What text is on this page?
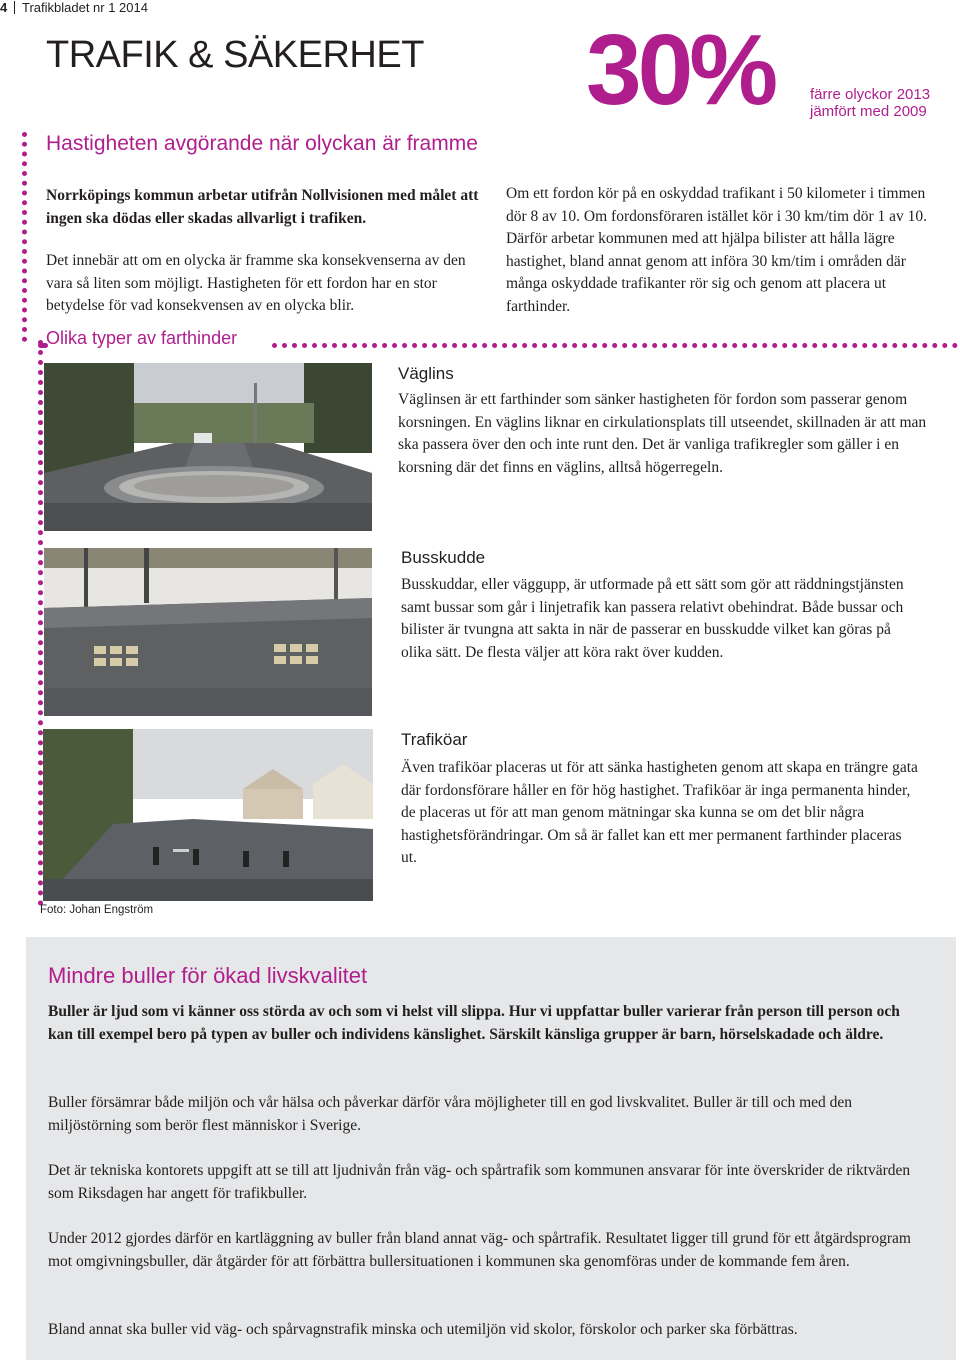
4 Trafikbladet nr 1 2014
TRAFIK & SÄKERHET
Hastigheten avgörande när olyckan är framme
Norrköpings kommun arbetar utifrån Nollvisionen med målet att ingen ska dödas eller skadas allvarligt i trafiken.
Det innebär att om en olycka är framme ska konsekvenserna av den vara så liten som möjligt. Hastigheten för ett fordon har en stor betydelse för vad konsekvensen av en olycka blir.
30% färre olyckor 2013
jämfört med 2009
Om ett fordon kör på en oskyddad trafikant i 50 kilometer i timmen dör 8 av 10. Om fordonsföraren istället kör i 30 km/tim dör 1 av 10. Därför arbetar kommunen med att hjälpa bilister att hålla lägre hastighet, bland annat genom att införa 30 km/tim i områden där många oskyddade trafikanter rör sig och genom att placera ut farthinder.
Olika typer av farthinder
Väglins
Väglinsen är ett farthinder som sänker hastigheten för fordon som passerar genom korsningen. En väglins liknar en cirkulationsplats till utseendet, skillnaden är att man ska passera över den och inte runt den. Det är vanliga trafikregler som gäller i en korsning där det finns en väglins, alltså högerregeln.
Busskudde
Busskuddar, eller väggupp, är utformade på ett sätt som gör att räddningstjänsten samt bussar som går i linjetrafik kan passera relativt obehindrat. Både bussar och bilister är tvungna att sakta in när de passerar en busskudde vilket kan göras på olika sätt. De flesta väljer att köra rakt över kudden.
Trafiköar
Även trafiköar placeras ut för att sänka hastigheten genom att skapa en trängre gata där fordonsförare håller en för hög hastighet. Trafiköar är inga permanenta hinder, de placeras ut för att man genom mätningar ska kunna se om det blir några hastighetsförändringar. Om så är fallet kan ett mer permanent farthinder placeras ut.
Foto: Johan Engström
Mindre buller för ökad livskvalitet
Buller är ljud som vi känner oss störda av och som vi helst vill slippa. Hur vi uppfattar buller varierar från person till person och kan till exempel bero på typen av buller och individens känslighet. Särskilt känsliga grupper är barn, hörselskadade och äldre.
Buller försämrar både miljön och vår hälsa och påverkar därför våra möjligheter till en god livskvalitet. Buller är till och med den miljöstörning som berör flest människor i Sverige.
Det är tekniska kontorets uppgift att se till att ljudnivån från väg- och spårtrafik som kommunen ansvarar för inte överskrider de riktvärden som Riksdagen har angett för trafikbuller.
Under 2012 gjordes därför en kartläggning av buller från bland annat väg- och spårtrafik. Resultatet ligger till grund för ett åtgärdsprogram mot omgivningsbuller, där åtgärder för att förbättra bullersituationen i kommunen ska genomföras under de kommande fem åren.
Bland annat ska buller vid väg- och spårvagnstrafik minska och utemiljön vid skolor, förskolor och parker ska förbättras.
